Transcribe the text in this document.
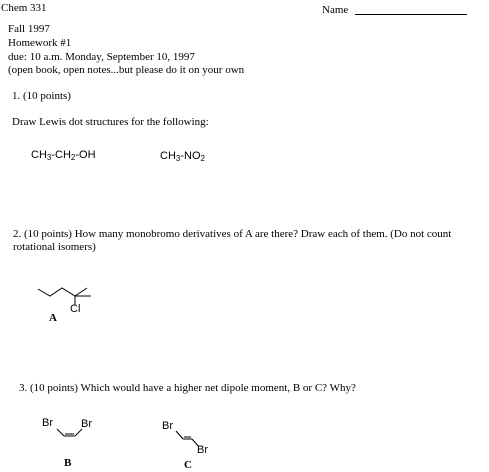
Chem 331	Name
Fall 1997
Homework #1
due: 10 a.m. Monday, September 10, 1997
(open book, open notes...but please do it on your own
1. (10 points)
Draw Lewis dot structures for the following:
$CH_3-CH_2-OH$	$CH_3-NO_2$
2. (10 points) How many monobromo derivatives of A are there? Draw each of them. (Do not count
rotational isomers)
Cl
A
3. (10 points) Which would have a higher net dipole moment, B or C? Why?
Br	Br
B
Br
Br
C
